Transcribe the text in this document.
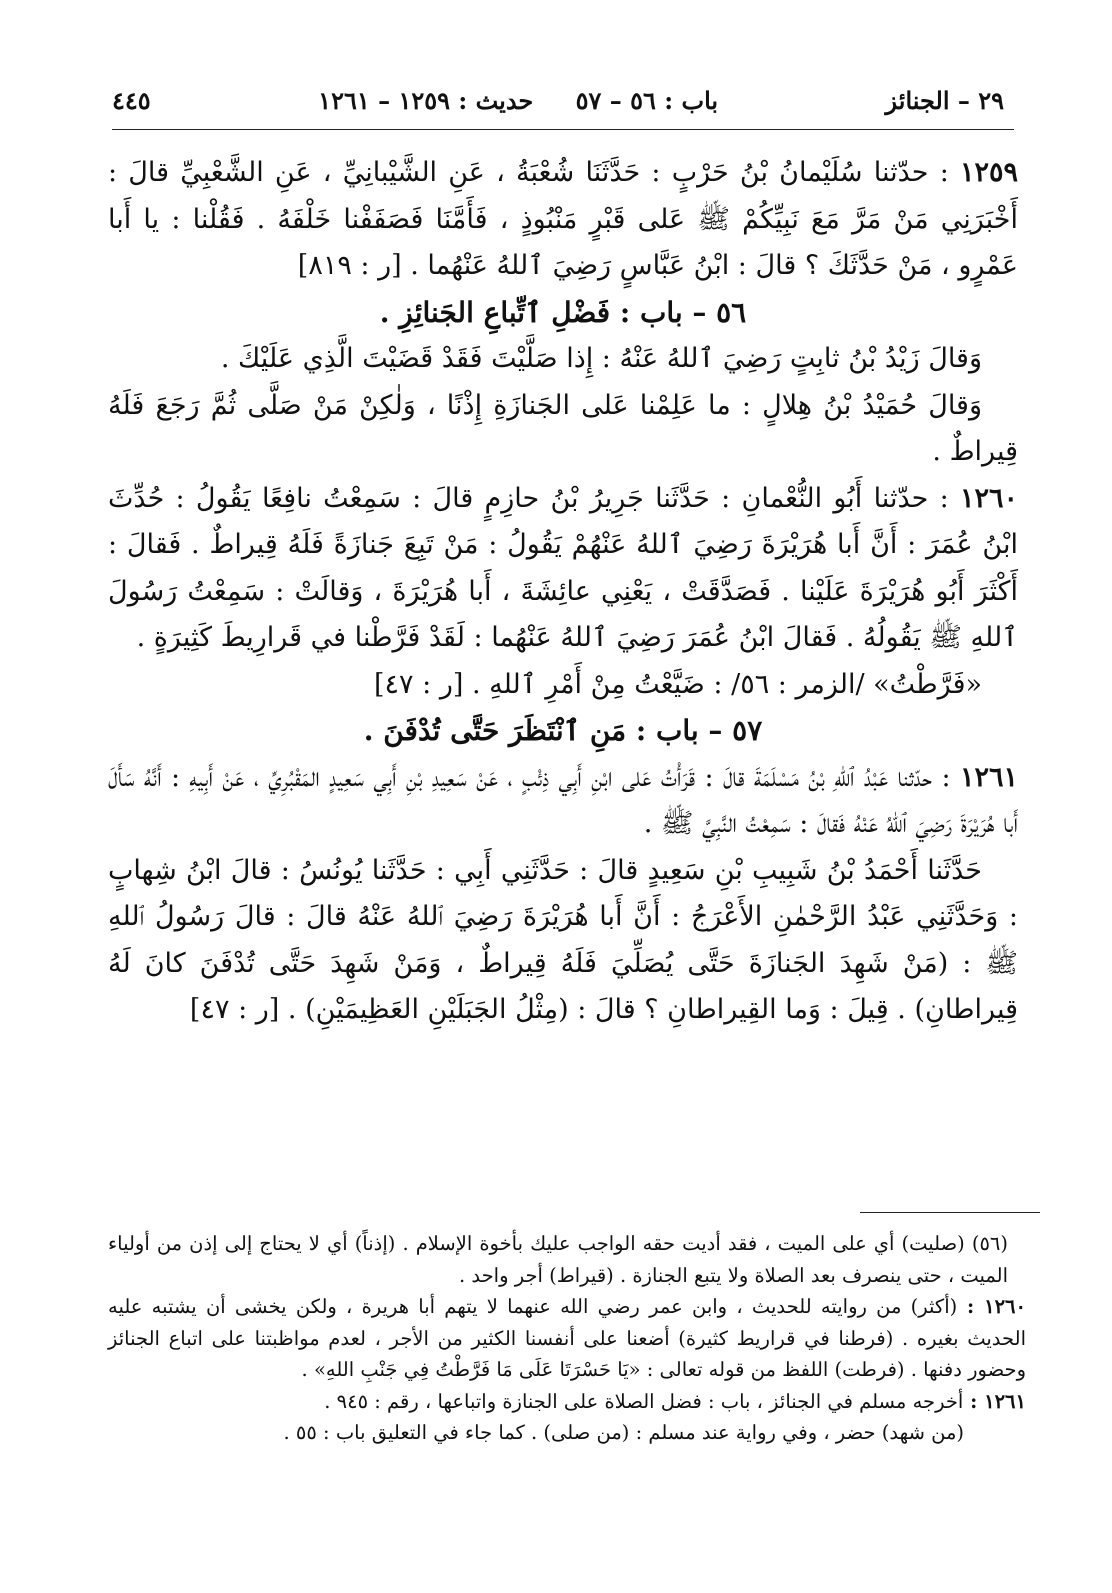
٢٩ – الجنائز
باب : ٥٦ – ٥٧ حديث : ١٢٥٩ – ١٢٦١
٤٤٥

١٢٥٩ : حدّثنا سُلَيْمانُ بْنُ حَرْبٍ : حَدَّثَنَا شُعْبَةُ ، عَنِ الشَّيْبانِيِّ ، عَنِ الشَّعْبِيِّ قالَ : أَخْبَرَنِي مَنْ مَرَّ مَعَ نَبِيِّكُمْ ﷺ عَلى قَبْرٍ مَنْبُوذٍ ، فَأَمَّنَا فَصَفَفْنا خَلْفَهُ . فَقُلْنا : يا أَبا عَمْرٍو ، مَنْ حَدَّثَكَ ؟ قالَ : ابْنُ عَبَّاسٍ رَضِيَ ٱللهُ عَنْهُما . [ر : ٨١٩]

٥٦ – باب : فَضْلِ ٱتِّباعِ الجَنائِزِ .

وَقالَ زَيْدُ بْنُ ثابِتٍ رَضِيَ ٱللهُ عَنْهُ : إِذا صَلَّيْتَ فَقَدْ قَضَيْتَ الَّذِي عَلَيْكَ .

وَقالَ حُمَيْدُ بْنُ هِلالٍ : ما عَلِمْنا عَلى الجَنازَةِ إِذْنًا ، وَلٰكِنْ مَنْ صَلَّى ثُمَّ رَجَعَ فَلَهُ قِيراطٌ .

١٢٦٠ : حدّثنا أَبُو النُّعْمانِ : حَدَّثَنا جَرِيرُ بْنُ حازِمٍ قالَ : سَمِعْتُ نافِعًا يَقُولُ : حُدِّثَ ابْنُ عُمَرَ : أَنَّ أَبا هُرَيْرَةَ رَضِيَ ٱللهُ عَنْهُمْ يَقُولُ : مَنْ تَبِعَ جَنازَةً فَلَهُ قِيراطٌ . فَقالَ : أَكْثَرَ أَبُو هُرَيْرَةَ عَلَيْنا . فَصَدَّقَتْ ، يَعْنِي عائِشَةَ ، أَبا هُرَيْرَةَ ، وَقالَتْ : سَمِعْتُ رَسُولَ ٱللهِ ﷺ يَقُولُهُ . فَقالَ ابْنُ عُمَرَ رَضِيَ ٱللهُ عَنْهُما : لَقَدْ فَرَّطْنا في قَرارِيطَ كَثِيرَةٍ .

«فَرَّطْتُ» /الزمر : ٥٦/ : ضَيَّعْتُ مِنْ أَمْرِ ٱللهِ . [ر : ٤٧]

٥٧ – باب : مَنِ ٱنْتَظَرَ حَتَّى تُدْفَنَ .

١٢٦١ : حدّثنا عَبْدُ ٱللهِ بْنُ مَسْلَمَةَ قالَ : قَرَأْتُ عَلى ابْنِ أَبِي ذِئْبٍ ، عَنْ سَعِيدِ بْنِ أَبِي سَعِيدٍ المَقْبُرِيِّ ، عَنْ أَبِيهِ : أَنَّهُ سَأَلَ أَبا هُرَيْرَةَ رَضِيَ ٱللهُ عَنْهُ فَقالَ : سَمِعْتُ النَّبِيَّ ﷺ .

حَدَّثَنا أَحْمَدُ بْنُ شَبِيبِ بْنِ سَعِيدٍ قالَ : حَدَّثَنِي أَبِي : حَدَّثَنا يُونُسُ : قالَ ابْنُ شِهابٍ : وَحَدَّثَنِي عَبْدُ الرَّحْمٰنِ الأَعْرَجُ : أَنَّ أَبا هُرَيْرَةَ رَضِيَ ٱللهُ عَنْهُ قالَ : قالَ رَسُولُ ٱللهِ ﷺ : (مَنْ شَهِدَ الجَنازَةَ حَتَّى يُصَلِّيَ فَلَهُ قِيراطٌ ، وَمَنْ شَهِدَ حَتَّى تُدْفَنَ كانَ لَهُ قِيراطانِ) . قِيلَ : وَما القِيراطانِ ؟ قالَ : (مِثْلُ الجَبَلَيْنِ العَظِيمَيْنِ) . [ر : ٤٧]

(٥٦) (صليت) أي على الميت ، فقد أديت حقه الواجب عليك بأخوة الإسلام . (إذناً) أي لا يحتاج إلى إذن من أولياء الميت ، حتى ينصرف بعد الصلاة ولا يتبع الجنازة . (قيراط) أجر واحد .

١٢٦٠ : (أكثر) من روايته للحديث ، وابن عمر رضي الله عنهما لا يتهم أبا هريرة ، ولكن يخشى أن يشتبه عليه الحديث بغيره . (فرطنا في قراريط كثيرة) أضعنا على أنفسنا الكثير من الأجر ، لعدم مواظبتنا على اتباع الجنائز وحضور دفنها . (فرطت) اللفظ من قوله تعالى : «يَا حَسْرَتَا عَلَى مَا فَرَّطْتُ فِي جَنْبِ اللهِ» .

١٢٦١ : أخرجه مسلم في الجنائز ، باب : فضل الصلاة على الجنازة واتباعها ، رقم : ٩٤٥ .

(من شهد) حضر ، وفي رواية عند مسلم : (من صلى) . كما جاء في التعليق باب : ٥٥ .
